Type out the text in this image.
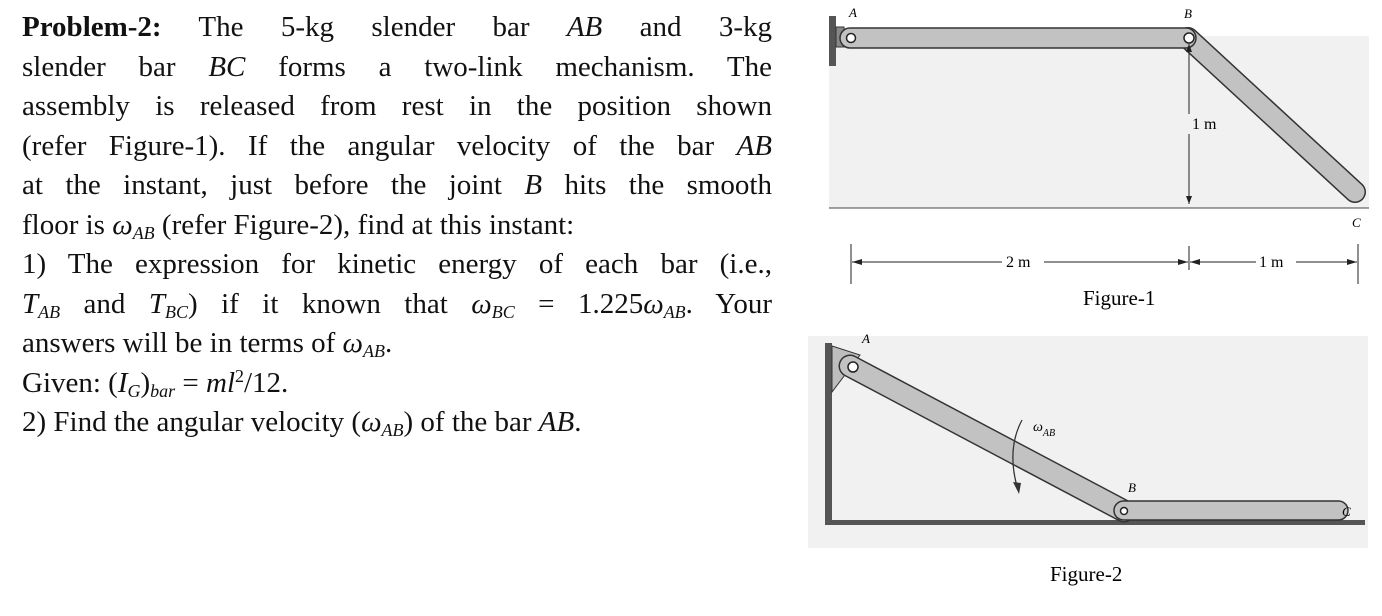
Problem-2: The 5-kg slender bar AB and 3-kg
slender bar BC forms a two-link mechanism. The
assembly is released from rest in the position shown
(refer Figure-1). If the angular velocity of the bar AB
at the instant, just before the joint B hits the smooth
floor is $\omega_{AB}$ (refer Figure-2), find at this instant:
1) The expression for kinetic energy of each bar (i.e.,
$T_{AB}$ and $T_{BC}$) if it known that $\omega_{BC} = 1.225\omega_{AB}$. Your
answers will be in terms of $\omega_{AB}$.
Given: $(I_G)_{bar} = ml^2/12$.
2) Find the angular velocity $(\omega_{AB})$ of the bar AB.
1 m
A	B
C
2 m	1 m
Figure-1
$\omega_{AB}$
A
B
C
Figure-2
